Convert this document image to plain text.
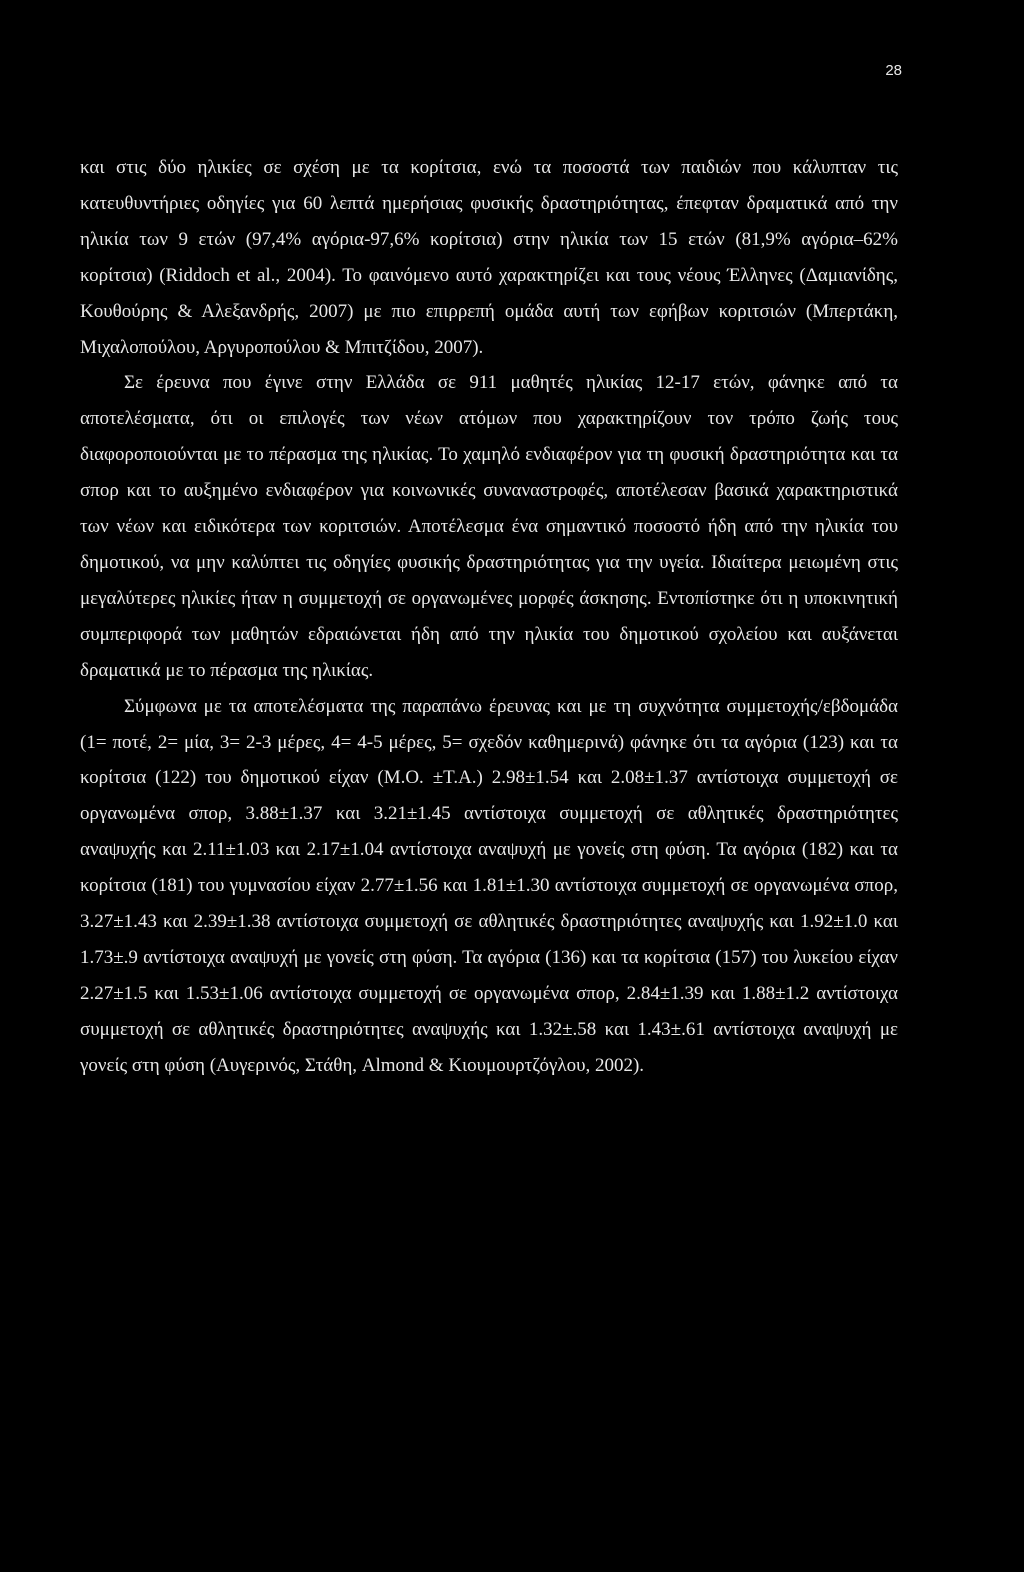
28

και στις δύο ηλικίες σε σχέση με τα κορίτσια, ενώ τα ποσοστά των παιδιών που κάλυπταν τις κατευθυντήριες οδηγίες για 60 λεπτά ημερήσιας φυσικής δραστηριότητας, έπεφταν δραματικά από την ηλικία των 9 ετών (97,4% αγόρια-97,6% κορίτσια) στην ηλικία των 15 ετών (81,9% αγόρια–62% κορίτσια) (Riddoch et al., 2004). Το φαινόμενο αυτό χαρακτηρίζει και τους νέους Έλληνες (Δαμιανίδης, Κουθούρης & Αλεξανδρής, 2007) με πιο επιρρεπή ομάδα αυτή των εφήβων κοριτσιών (Μπερτάκη, Μιχαλοπούλου, Αργυροπούλου & Μπιτζίδου, 2007).

Σε έρευνα που έγινε στην Ελλάδα σε 911 μαθητές ηλικίας 12-17 ετών, φάνηκε από τα αποτελέσματα, ότι οι επιλογές των νέων ατόμων που χαρακτηρίζουν τον τρόπο ζωής τους διαφοροποιούνται με το πέρασμα της ηλικίας. Το χαμηλό ενδιαφέρον για τη φυσική δραστηριότητα και τα σπορ και το αυξημένο ενδιαφέρον για κοινωνικές συναναστροφές, αποτέλεσαν βασικά χαρακτηριστικά των νέων και ειδικότερα των κοριτσιών. Αποτέλεσμα ένα σημαντικό ποσοστό ήδη από την ηλικία του δημοτικού, να μην καλύπτει τις οδηγίες φυσικής δραστηριότητας για την υγεία. Ιδιαίτερα μειωμένη στις μεγαλύτερες ηλικίες ήταν η συμμετοχή σε οργανωμένες μορφές άσκησης. Εντοπίστηκε ότι η υποκινητική συμπεριφορά των μαθητών εδραιώνεται ήδη από την ηλικία του δημοτικού σχολείου και αυξάνεται δραματικά με το πέρασμα της ηλικίας.

Σύμφωνα με τα αποτελέσματα της παραπάνω έρευνας και με τη συχνότητα συμμετοχής/εβδομάδα (1= ποτέ, 2= μία, 3= 2-3 μέρες, 4= 4-5 μέρες, 5= σχεδόν καθημερινά) φάνηκε ότι τα αγόρια (123) και τα κορίτσια (122) του δημοτικού είχαν (Μ.Ο. ±Τ.Α.) 2.98±1.54 και 2.08±1.37 αντίστοιχα συμμετοχή σε οργανωμένα σπορ, 3.88±1.37 και 3.21±1.45 αντίστοιχα συμμετοχή σε αθλητικές δραστηριότητες αναψυχής και 2.11±1.03 και 2.17±1.04 αντίστοιχα αναψυχή με γονείς στη φύση. Τα αγόρια (182) και τα κορίτσια (181) του γυμνασίου είχαν 2.77±1.56 και 1.81±1.30 αντίστοιχα συμμετοχή σε οργανωμένα σπορ, 3.27±1.43 και 2.39±1.38 αντίστοιχα συμμετοχή σε αθλητικές δραστηριότητες αναψυχής και 1.92±1.0 και 1.73±.9 αντίστοιχα αναψυχή με γονείς στη φύση. Τα αγόρια (136) και τα κορίτσια (157) του λυκείου είχαν 2.27±1.5 και 1.53±1.06 αντίστοιχα συμμετοχή σε οργανωμένα σπορ, 2.84±1.39 και 1.88±1.2 αντίστοιχα συμμετοχή σε αθλητικές δραστηριότητες αναψυχής και 1.32±.58 και 1.43±.61 αντίστοιχα αναψυχή με γονείς στη φύση (Αυγερινός, Στάθη, Almond & Κιουμουρτζόγλου, 2002).
